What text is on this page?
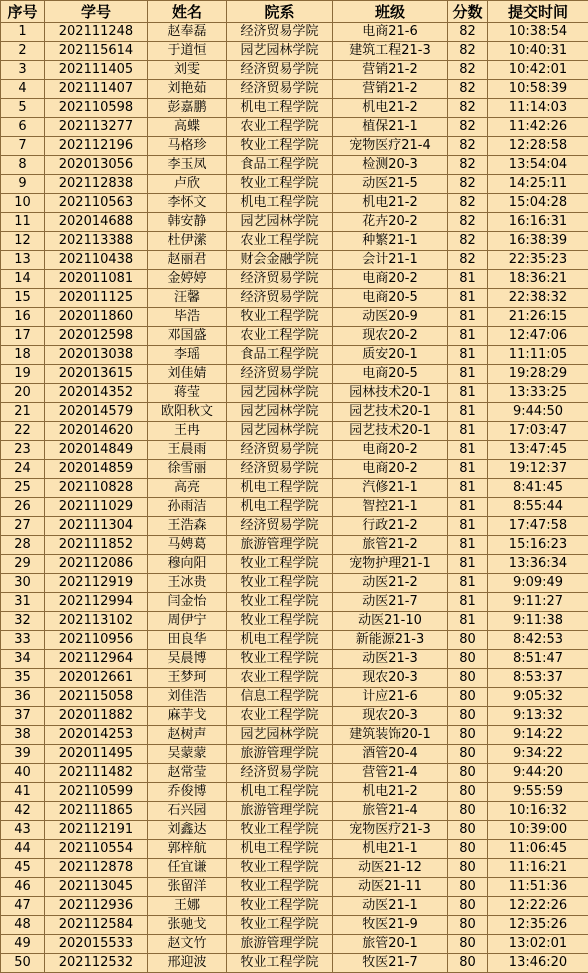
序号	学号	姓名	院系	班级	分数	提交时间
1	202111248	赵奉磊	经济贸易学院	电商21-6	82	10:38:54
2	202115614	于道恒	园艺园林学院	建筑工程21-3	82	10:40:31
3	202111405	刘雯	经济贸易学院	营销21-2	82	10:42:01
4	202111407	刘艳茹	经济贸易学院	营销21-2	82	10:58:39
5	202110598	彭嘉鹏	机电工程学院	机电21-2	82	11:14:03
6	202113277	高蝶	农业工程学院	植保21-1	82	11:42:26
7	202112196	马格珍	牧业工程学院	宠物医疗21-4	82	12:28:58
8	202013056	李玉凤	食品工程学院	检测20-3	82	13:54:04
9	202112838	卢欣	牧业工程学院	动医21-5	82	14:25:11
10	202110563	李怀文	机电工程学院	机电21-2	82	15:04:28
11	202014688	韩安静	园艺园林学院	花卉20-2	82	16:16:31
12	202113388	杜伊潆	农业工程学院	种繁21-1	82	16:38:39
13	202110438	赵丽君	财会金融学院	会计21-1	82	22:35:23
14	202011081	金婷婷	经济贸易学院	电商20-2	81	18:36:21
15	202011125	汪馨	经济贸易学院	电商20-5	81	22:38:32
16	202011860	毕浩	牧业工程学院	动医20-9	81	21:26:15
17	202012598	邓国盛	农业工程学院	现农20-2	81	12:47:06
18	202013038	李瑶	食品工程学院	质安20-1	81	11:11:05
19	202013615	刘佳婧	经济贸易学院	电商20-5	81	19:28:29
20	202014352	蒋莹	园艺园林学院	园林技术20-1	81	13:33:25
21	202014579	欧阳秋文	园艺园林学院	园艺技术20-1	81	9:44:50
22	202014620	王冉	园艺园林学院	园艺技术20-1	81	17:03:47
23	202014849	王晨雨	经济贸易学院	电商20-2	81	13:47:45
24	202014859	徐雪丽	经济贸易学院	电商20-2	81	19:12:37
25	202110828	高亮	机电工程学院	汽修21-1	81	8:41:45
26	202111029	孙雨洁	机电工程学院	智控21-1	81	8:55:44
27	202111304	王浩森	经济贸易学院	行政21-2	81	17:47:58
28	202111852	马娉葛	旅游管理学院	旅管21-2	81	15:16:23
29	202112086	穆向阳	牧业工程学院	宠物护理21-1	81	13:36:34
30	202112919	王冰贵	牧业工程学院	动医21-2	81	9:09:49
31	202112994	闫金怡	牧业工程学院	动医21-7	81	9:11:27
32	202113102	周伊宁	牧业工程学院	动医21-10	81	9:11:38
33	202110956	田良华	机电工程学院	新能源21-3	80	8:42:53
34	202112964	吴晨博	牧业工程学院	动医21-3	80	8:51:47
35	202012661	王梦珂	农业工程学院	现农20-3	80	8:53:37
36	202115058	刘佳浩	信息工程学院	计应21-6	80	9:05:32
37	202011882	麻芋戈	农业工程学院	现农20-3	80	9:13:32
38	202014253	赵树声	园艺园林学院	建筑装饰20-1	80	9:14:22
39	202011495	吴蒙蒙	旅游管理学院	酒管20-4	80	9:34:22
40	202111482	赵常莹	经济贸易学院	营管21-4	80	9:44:20
41	202110599	乔俊博	机电工程学院	机电21-2	80	9:55:59
42	202111865	石兴园	旅游管理学院	旅管21-4	80	10:16:32
43	202112191	刘鑫达	牧业工程学院	宠物医疗21-3	80	10:39:00
44	202110554	郭梓航	机电工程学院	机电21-1	80	11:06:45
45	202112878	任宜谦	牧业工程学院	动医21-12	80	11:16:21
46	202113045	张留洋	牧业工程学院	动医21-11	80	11:51:36
47	202112936	王娜	牧业工程学院	动医21-1	80	12:22:26
48	202112584	张驰戈	牧业工程学院	牧医21-9	80	12:35:26
49	202015533	赵文竹	旅游管理学院	旅管20-1	80	13:02:01
50	202112532	邢迎波	牧业工程学院	牧医21-7	80	13:46:20
